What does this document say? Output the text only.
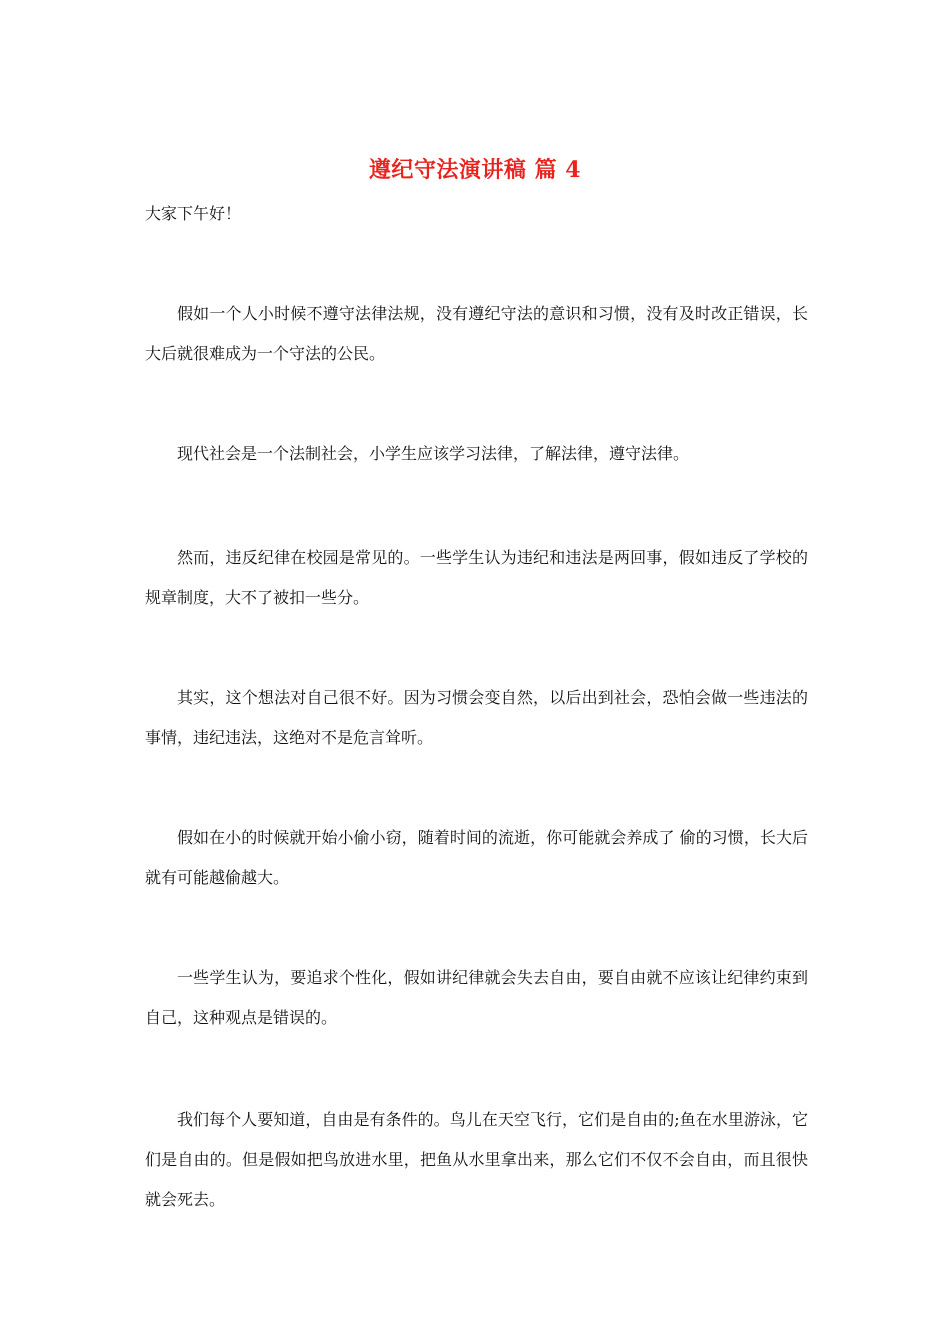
遵纪守法演讲稿 篇 4
大家下午好！

假如一个人小时候不遵守法律法规，没有遵纪守法的意识和习惯，没有及时改正错误，长大后就很难成为一个守法的公民。

现代社会是一个法制社会，小学生应该学习法律，了解法律，遵守法律。

然而，违反纪律在校园是常见的。一些学生认为违纪和违法是两回事，假如违反了学校的规章制度，大不了被扣一些分。

其实，这个想法对自己很不好。因为习惯会变自然，以后出到社会，恐怕会做一些违法的事情，违纪违法，这绝对不是危言耸听。

假如在小的时候就开始小偷小窃，随着时间的流逝，你可能就会养成了 偷的习惯，长大后就有可能越偷越大。

一些学生认为，要追求个性化，假如讲纪律就会失去自由，要自由就不应该让纪律约束到自己，这种观点是错误的。

我们每个人要知道，自由是有条件的。鸟儿在天空飞行，它们是自由的;鱼在水里游泳，它们是自由的。但是假如把鸟放进水里，把鱼从水里拿出来，那么它们不仅不会自由，而且很快就会死去。
